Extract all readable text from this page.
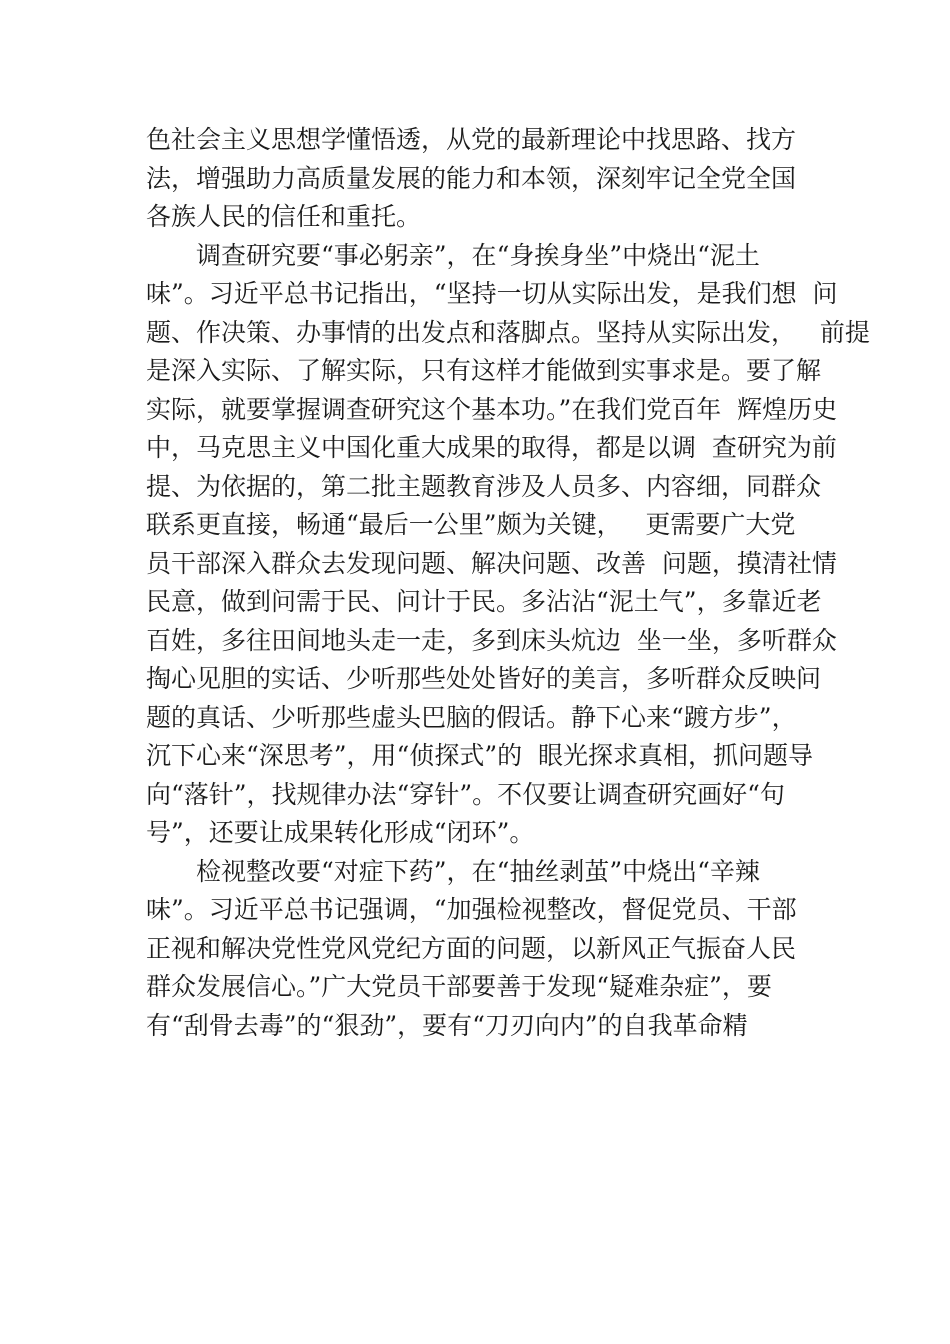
色社会主义思想学懂悟透，从党的最新理论中找思路、找方
法，增强助力高质量发展的能力和本领，深刻牢记全党全国
各族人民的信任和重托。
调查研究要“事必躬亲”，在“身挨身坐”中烧出“泥土
味”。习近平总书记指出，“坚持一切从实际出发，是我们想  问
题、作决策、办事情的出发点和落脚点。坚持从实际出发，   前提
是深入实际、了解实际，只有这样才能做到实事求是。要了解
实际，就要掌握调查研究这个基本功。”在我们党百年  辉煌历史
中，马克思主义中国化重大成果的取得，都是以调  查研究为前
提、为依据的，第二批主题教育涉及人员多、内容细，同群众
联系更直接，畅通“最后一公里”颇为关键，   更需要广大党
员干部深入群众去发现问题、解决问题、改善  问题，摸清社情
民意，做到问需于民、问计于民。多沾沾“泥土气”，多靠近老
百姓，多往田间地头走一走，多到床头炕边  坐一坐，多听群众
掏心见胆的实话、少听那些处处皆好的美言，多听群众反映问
题的真话、少听那些虚头巴脑的假话。静下心来“踱方步”，
沉下心来“深思考”，用“侦探式”的  眼光探求真相，抓问题导
向“落针”，找规律办法“穿针”。不仅要让调查研究画好“句
号”，还要让成果转化形成“闭环”。
检视整改要“对症下药”，在“抽丝剥茧”中烧出“辛辣
味”。习近平总书记强调，“加强检视整改，督促党员、干部
正视和解决党性党风党纪方面的问题，以新风正气振奋人民
群众发展信心。”广大党员干部要善于发现“疑难杂症”，要
有“刮骨去毒”的“狠劲”，要有“刀刃向内”的自我革命精
